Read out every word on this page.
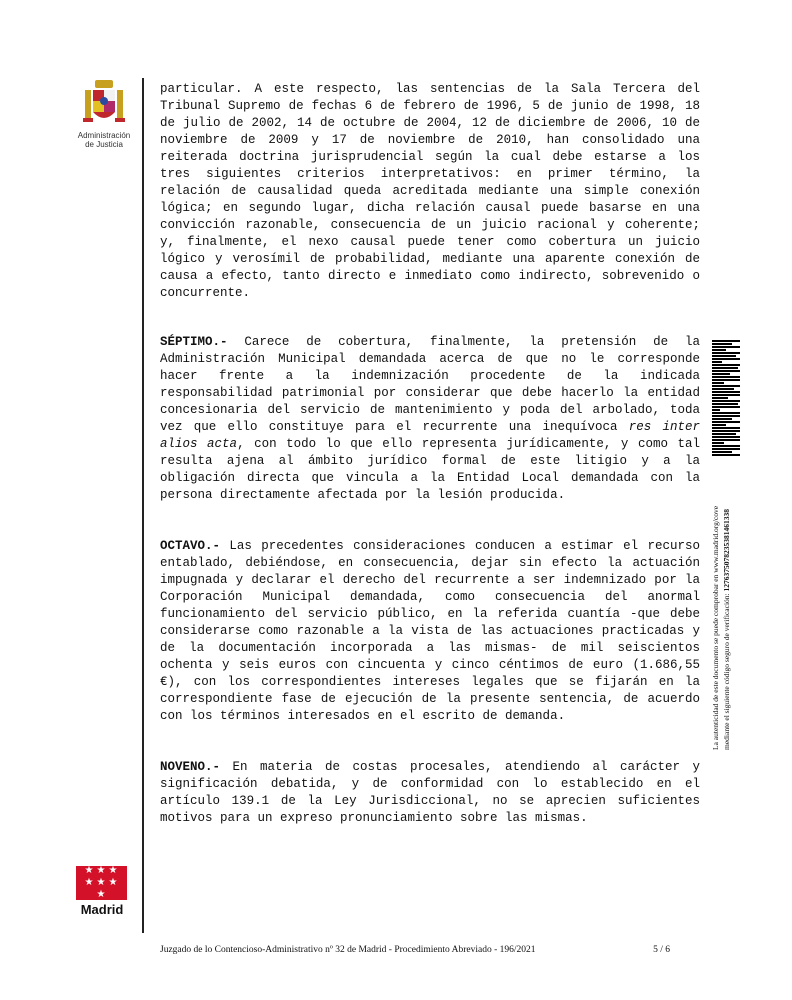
Administración
de Justicia

particular. A este respecto, las sentencias de la Sala Tercera del Tribunal Supremo de fechas 6 de febrero de 1996, 5 de junio de 1998, 18 de julio de 2002, 14 de octubre de 2004, 12 de diciembre de 2006, 10 de noviembre de 2009 y 17 de noviembre de 2010, han consolidado una reiterada doctrina jurisprudencial según la cual debe estarse a los tres siguientes criterios interpretativos: en primer término, la relación de causalidad queda acreditada mediante una simple conexión lógica; en segundo lugar, dicha relación causal puede basarse en una convicción razonable, consecuencia de un juicio racional y coherente; y, finalmente, el nexo causal puede tener como cobertura un juicio lógico y verosímil de probabilidad, mediante una aparente conexión de causa a efecto, tanto directo e inmediato como indirecto, sobrevenido o concurrente.

SÉPTIMO.- Carece de cobertura, finalmente, la pretensión de la Administración Municipal demandada acerca de que no le corresponde hacer frente a la indemnización procedente de la indicada responsabilidad patrimonial por considerar que debe hacerlo la entidad concesionaria del servicio de mantenimiento y poda del arbolado, toda vez que ello constituye para el recurrente una inequívoca res inter alios acta, con todo lo que ello representa jurídicamente, y como tal resulta ajena al ámbito jurídico formal de este litigio y a la obligación directa que vincula a la Entidad Local demandada con la persona directamente afectada por la lesión producida.

OCTAVO.- Las precedentes consideraciones conducen a estimar el recurso entablado, debiéndose, en consecuencia, dejar sin efecto la actuación impugnada y declarar el derecho del recurrente a ser indemnizado por la Corporación Municipal demandada, como consecuencia del anormal funcionamiento del servicio público, en la referida cuantía -que debe considerarse como razonable a la vista de las actuaciones practicadas y de la documentación incorporada a las mismas- de mil seiscientos ochenta y seis euros con cincuenta y cinco céntimos de euro (1.686,55 €), con los correspondientes intereses legales que se fijarán en la correspondiente fase de ejecución de la presente sentencia, de acuerdo con los términos interesados en el escrito de demanda.

NOVENO.- En materia de costas procesales, atendiendo al carácter y significación debatida, y de conformidad con lo establecido en el artículo 139.1 de la Ley Jurisdiccional, no se aprecien suficientes motivos para un expreso pronunciamiento sobre las mismas.

La autenticidad de este documento se puede comprobar en www.madrid.org/cove mediante el siguiente código seguro de verificación: 1276375078235381461338
★ ★ ★
★ ★ ★
★
Madrid
Juzgado de lo Contencioso-Administrativo nº 32 de Madrid - Procedimiento Abreviado - 196/2021	5 / 6
